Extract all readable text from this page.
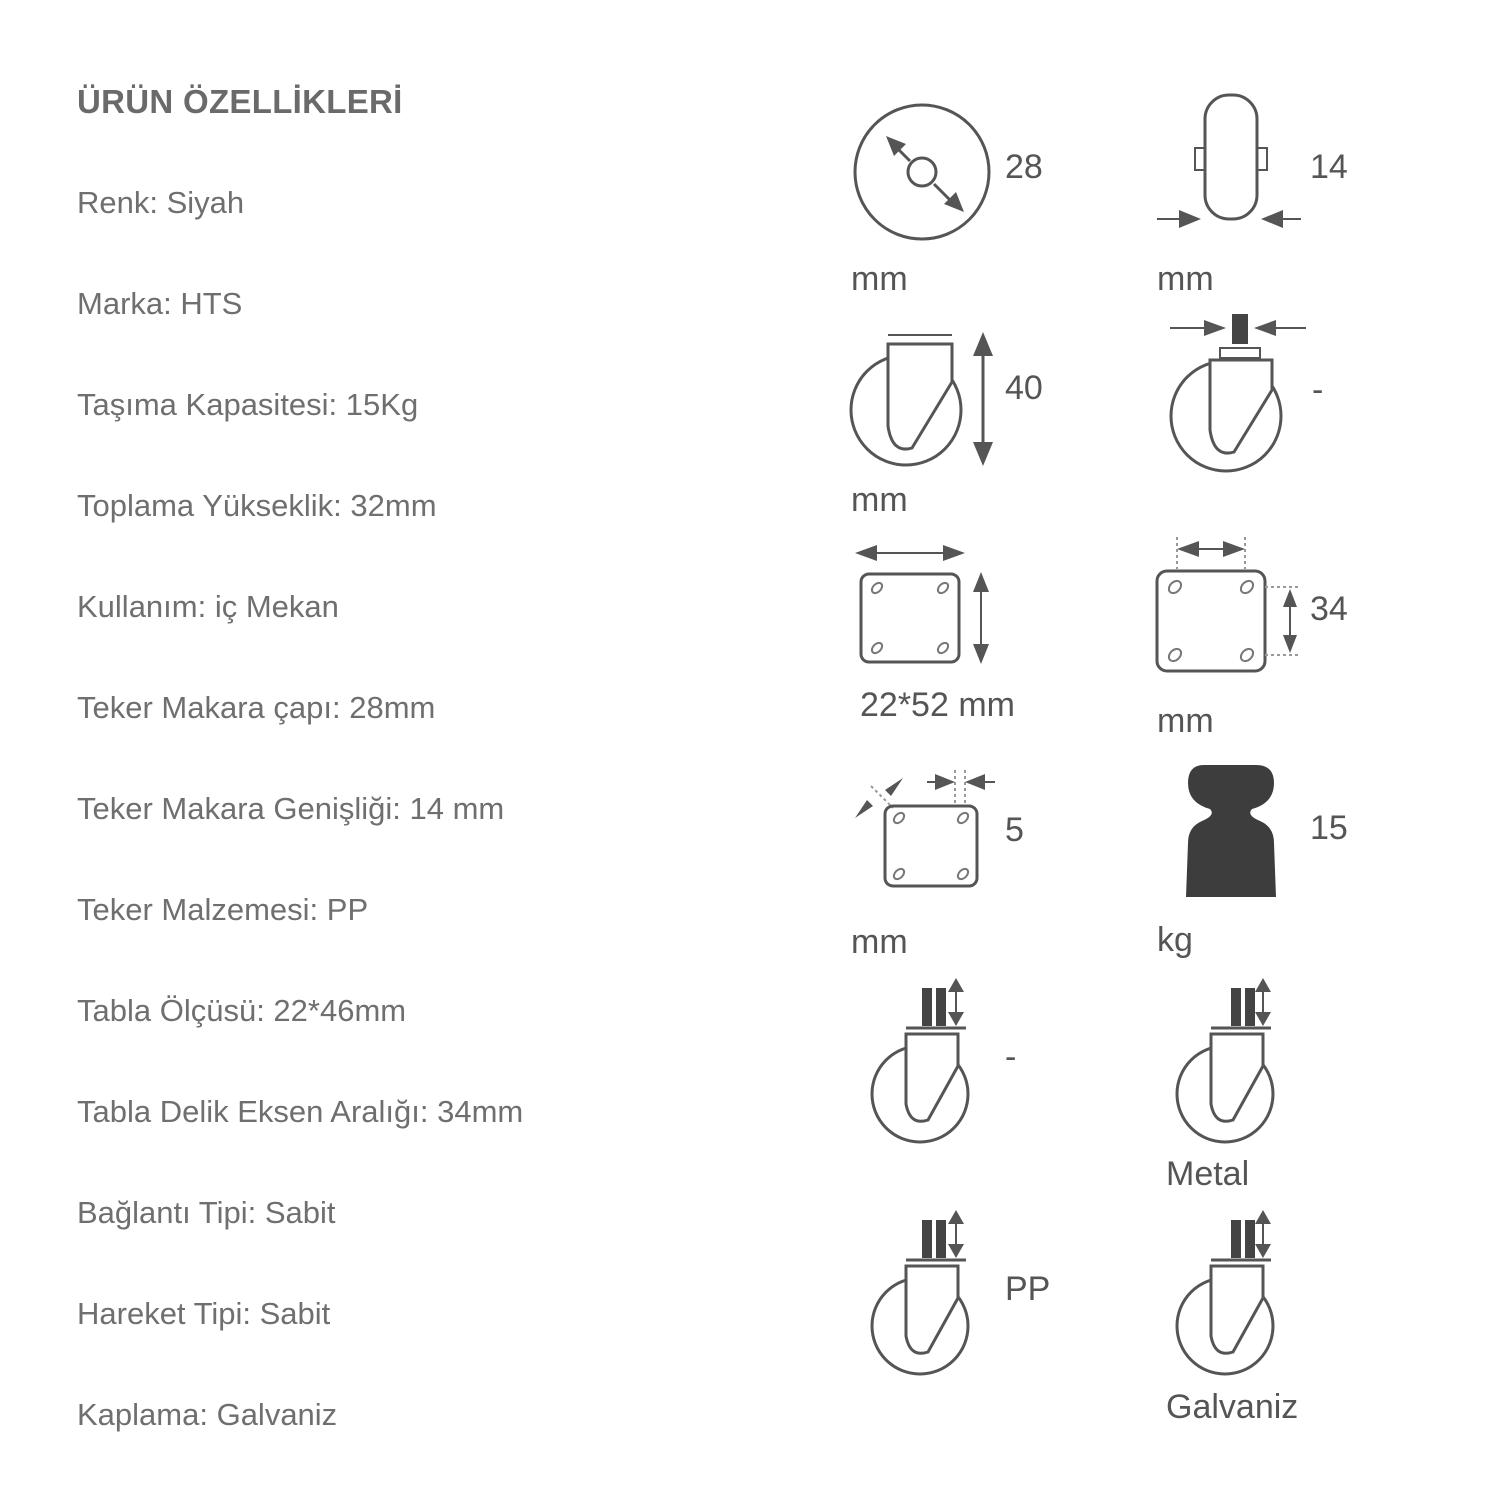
ÜRÜN ÖZELLİKLERİ
Renk: Siyah
Marka: HTS
Taşıma Kapasitesi: 15Kg
Toplama Yükseklik: 32mm
Kullanım: iç Mekan
Teker Makara çapı: 28mm
Teker Makara Genişliği: 14 mm
Teker Malzemesi: PP
Tabla Ölçüsü: 22*46mm
Tabla Delik Eksen Aralığı: 34mm
Bağlantı Tipi: Sabit
Hareket Tipi: Sabit
Kaplama: Galvaniz
28
mm
14
mm
40
mm
-
22*52 mm
34
mm
5
mm
15
kg
-
Metal
PP
Galvaniz
